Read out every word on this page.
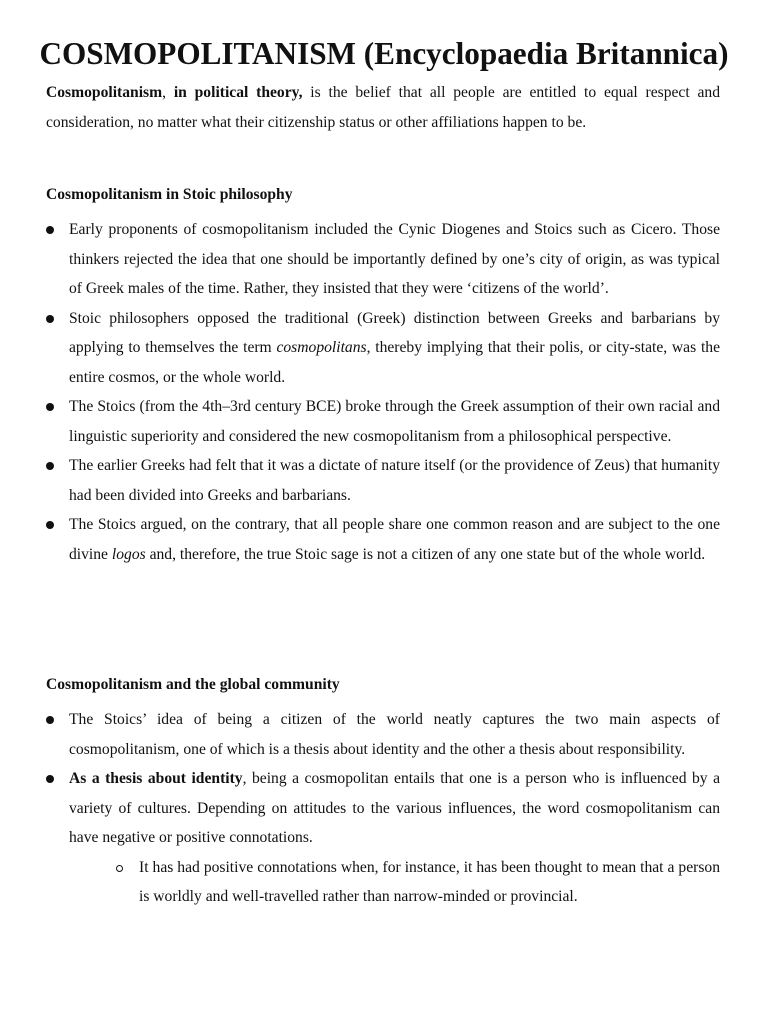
COSMOPOLITANISM (Encyclopaedia Britannica)

Cosmopolitanism, in political theory, is the belief that all people are entitled to equal respect and consideration, no matter what their citizenship status or other affiliations happen to be.

Cosmopolitanism in Stoic philosophy
Early proponents of cosmopolitanism included the Cynic Diogenes and Stoics such as Cicero. Those thinkers rejected the idea that one should be importantly defined by one’s city of origin, as was typical of Greek males of the time. Rather, they insisted that they were ‘citizens of the world’.
Stoic philosophers opposed the traditional (Greek) distinction between Greeks and barbarians by applying to themselves the term cosmopolitans, thereby implying that their polis, or city-state, was the entire cosmos, or the whole world.
The Stoics (from the 4th–3rd century BCE) broke through the Greek assumption of their own racial and linguistic superiority and considered the new cosmopolitanism from a philosophical perspective.
The earlier Greeks had felt that it was a dictate of nature itself (or the providence of Zeus) that humanity had been divided into Greeks and barbarians.
The Stoics argued, on the contrary, that all people share one common reason and are subject to the one divine logos and, therefore, the true Stoic sage is not a citizen of any one state but of the whole world.
Cosmopolitanism and the global community
The Stoics’ idea of being a citizen of the world neatly captures the two main aspects of cosmopolitanism, one of which is a thesis about identity and the other a thesis about responsibility.
As a thesis about identity, being a cosmopolitan entails that one is a person who is influenced by a variety of cultures. Depending on attitudes to the various influences, the word cosmopolitanism can have negative or positive connotations.
It has had positive connotations when, for instance, it has been thought to mean that a person is worldly and well-travelled rather than narrow-minded or provincial.
